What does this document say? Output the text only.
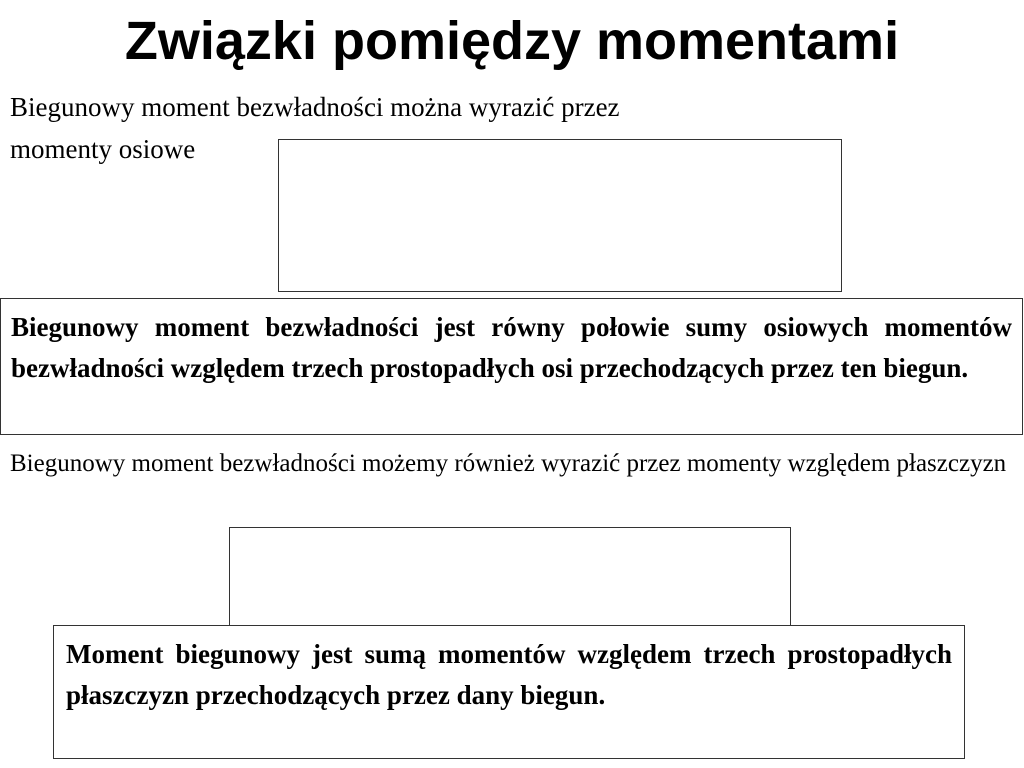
Związki pomiędzy momentami
Biegunowy moment bezwładności można wyrazić przez
momenty osiowe
Biegunowy moment bezwładności jest równy połowie sumy osiowych momentów bezwładności względem trzech prostopadłych osi przechodzących przez ten biegun.
Biegunowy moment bezwładności możemy również wyrazić przez momenty względem płaszczyzn
Moment biegunowy jest sumą momentów względem trzech prostopadłych płaszczyzn przechodzących przez dany biegun.
